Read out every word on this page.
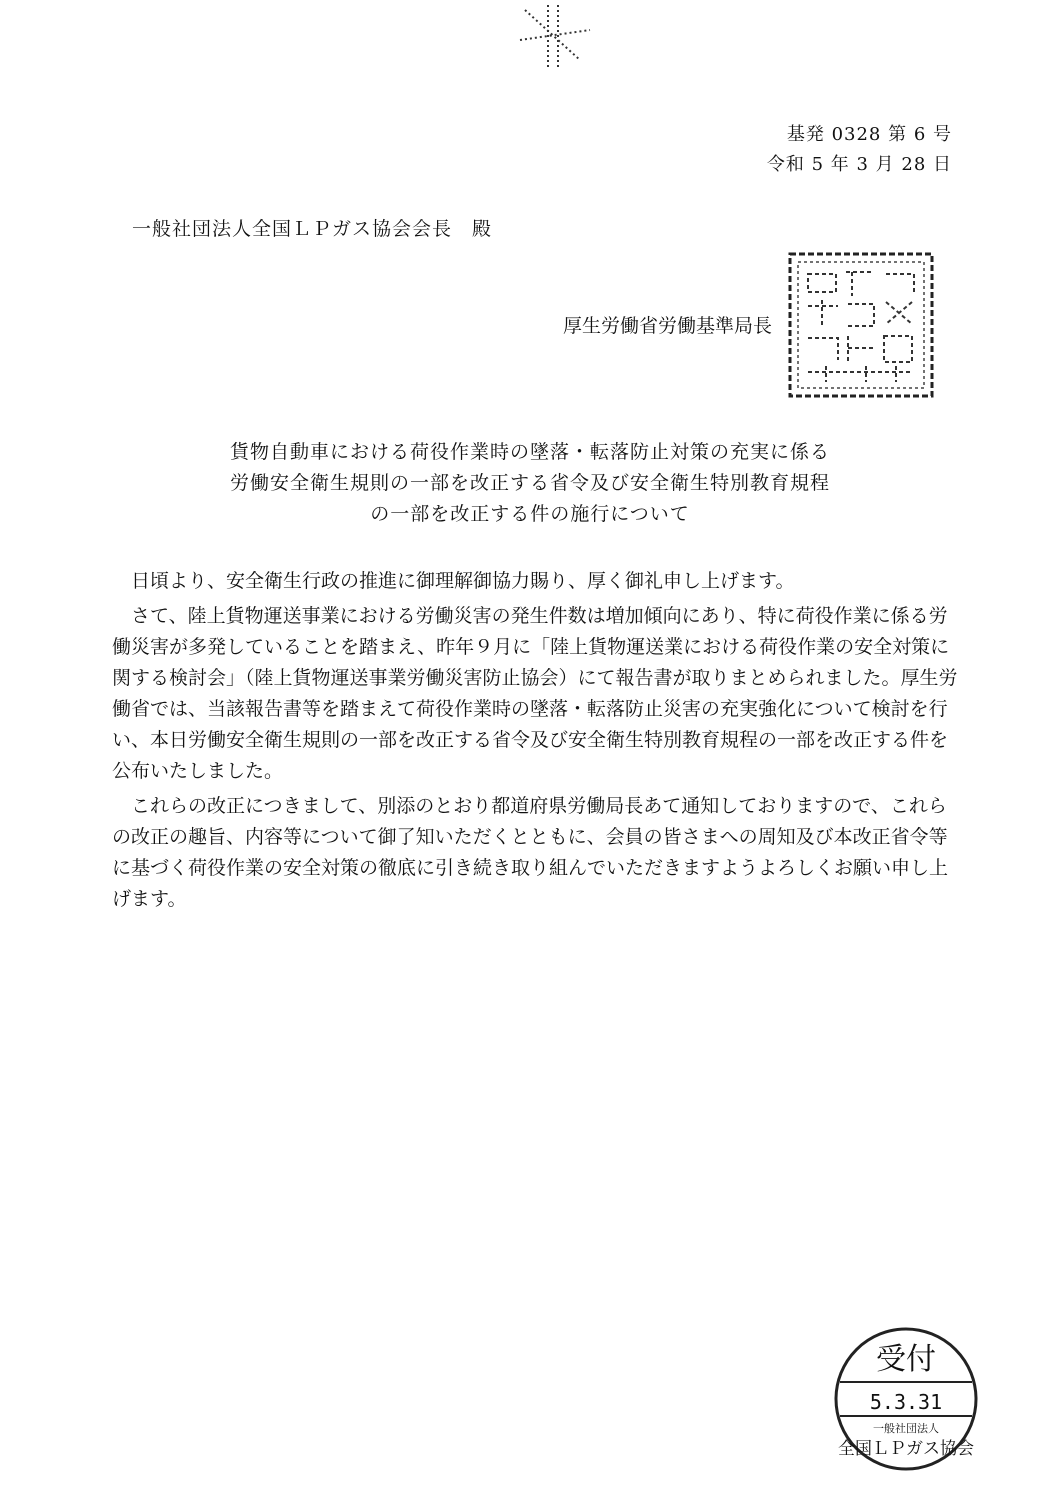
基発 0328 第 6 号
令和 5 年 3 月 28 日
一般社団法人全国ＬＰガス協会会長　殿
厚生労働省労働基準局長
貨物自動車における荷役作業時の墜落・転落防止対策の充実に係る
労働安全衛生規則の一部を改正する省令及び安全衛生特別教育規程
の一部を改正する件の施行について

日頃より、安全衛生行政の推進に御理解御協力賜り、厚く御礼申し上げます。

さて、陸上貨物運送事業における労働災害の発生件数は増加傾向にあり、特に荷役作業に係る労働災害が多発していることを踏まえ、昨年９月に「陸上貨物運送業における荷役作業の安全対策に関する検討会」（陸上貨物運送事業労働災害防止協会）にて報告書が取りまとめられました。厚生労働省では、当該報告書等を踏まえて荷役作業時の墜落・転落防止災害の充実強化について検討を行い、本日労働安全衛生規則の一部を改正する省令及び安全衛生特別教育規程の一部を改正する件を公布いたしました。

これらの改正につきまして、別添のとおり都道府県労働局長あて通知しておりますので、これらの改正の趣旨、内容等について御了知いただくとともに、会員の皆さまへの周知及び本改正省令等に基づく荷役作業の安全対策の徹底に引き続き取り組んでいただきますようよろしくお願い申し上げます。

受付
5.3.31
一般社団法人
全国ＬＰガス協会
